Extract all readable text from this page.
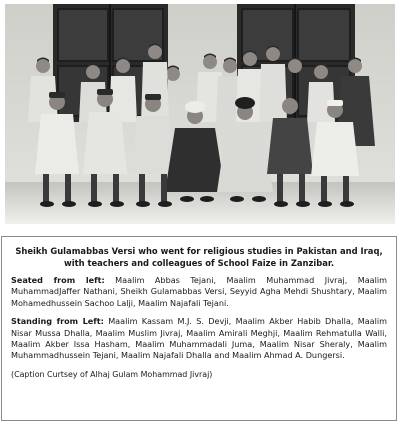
Sheikh Gulamabbas Versi who went for religious studies in Pakistan and Iraq, with teachers and colleagues of School Faize in Zanzibar.

Seated from left: Maalim Abbas Tejani, Maalim Muhammad Jivraj, Maalim MuhammadJaffer Nathani, Sheikh Gulamabbas Versi, Seyyid Agha Mehdi Shushtary, Maalim Mohamedhussein Sachoo Lalji, Maalim Najafali Tejani.

Standing from Left: Maalim Kassam M.J. S. Devji, Maalim Akber Habib Dhalla, Maalim Nisar Mussa Dhalla, Maalim Muslim Jivraj, Maalim Amirali Meghji, Maalim Rehmatulla Walli, Maalim Akber Issa Hasham, Maalim Muhammadali Juma, Maalim Nisar Sheraly, Maalim Muhammadhussein Tejani, Maalim Najafali Dhalla and Maalim Ahmad A. Dungersi.

(Caption Curtsey of Alhaj Gulam Mohammad Jivraj)
